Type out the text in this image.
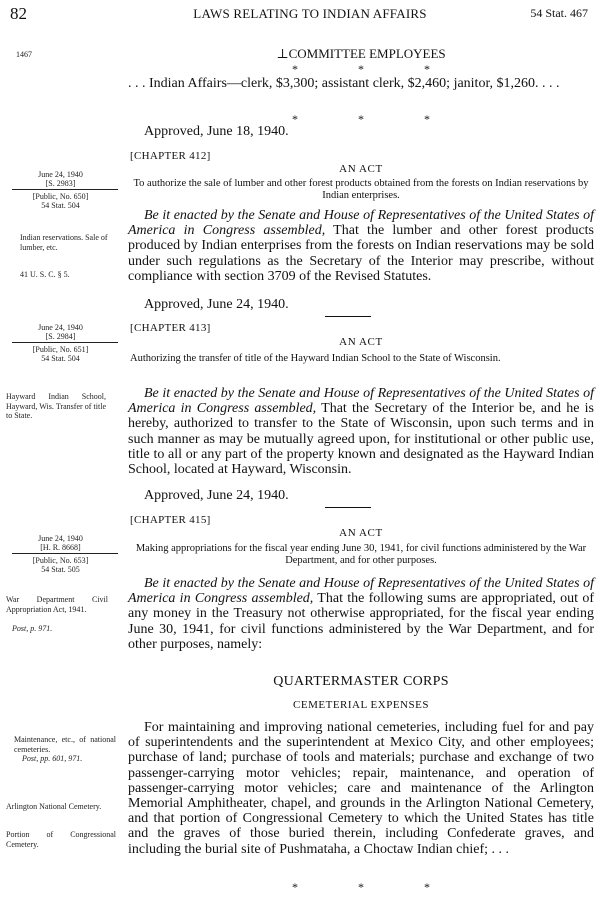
82	LAWS RELATING TO INDIAN AFFAIRS	54 Stat. 467
1467	⊥COMMITTEE EMPLOYEES
*                    *                    *
. . . Indian Affairs—clerk, $3,300; assistant clerk, $2,460; janitor, $1,260. . . .
*                    *                    *
Approved, June 18, 1940.
June 24, 1940
[S. 2983]
[Public, No. 650]
54 Stat. 504
Indian reservations. Sale of lumber, etc.
41 U. S. C. § 5.
[CHAPTER 412]
AN ACT
To authorize the sale of lumber and other forest products obtained from the forests on Indian reservations by Indian enterprises.
Be it enacted by the Senate and House of Representatives of the United States of America in Congress assembled, That the lumber and other forest products produced by Indian enterprises from the forests on Indian reservations may be sold under such regulations as the Secretary of the Interior may prescribe, without compliance with section 3709 of the Revised Statutes.
Approved, June 24, 1940.
June 24, 1940
[S. 2984]
[Public, No. 651]
54 Stat. 504
Hayward Indian School, Hayward, Wis. Transfer of title to State.
[CHAPTER 413]
AN ACT
Authorizing the transfer of title of the Hayward Indian School to the State of Wisconsin.
Be it enacted by the Senate and House of Representatives of the United States of America in Congress assembled, That the Secretary of the Interior be, and he is hereby, authorized to transfer to the State of Wisconsin, upon such terms and in such manner as may be mutually agreed upon, for institutional or other public use, title to all or any part of the property known and designated as the Hayward Indian School, located at Hayward, Wisconsin.
Approved, June 24, 1940.
June 24, 1940
[H. R. 8668]
[Public, No. 653]
54 Stat. 505
War Department Civil Appropriation Act, 1941.
Post, p. 971.
[CHAPTER 415]
AN ACT
Making appropriations for the fiscal year ending June 30, 1941, for civil functions administered by the War Department, and for other purposes.
Be it enacted by the Senate and House of Representatives of the United States of America in Congress assembled, That the following sums are appropriated, out of any money in the Treasury not otherwise appropriated, for the fiscal year ending June 30, 1941, for civil functions administered by the War Department, and for other purposes, namely:
QUARTERMASTER CORPS
CEMETERIAL EXPENSES
Maintenance, etc., of national cemeteries.
Post, pp. 601, 971.
Arlington National Cemetery.
Portion of Congressional Cemetery.
For maintaining and improving national cemeteries, including fuel for and pay of superintendents and the superintendent at Mexico City, and other employees; purchase of land; purchase of tools and materials; purchase and exchange of two passenger-carrying motor vehicles; repair, maintenance, and operation of passenger-carrying motor vehicles; care and maintenance of the Arlington Memorial Amphitheater, chapel, and grounds in the Arlington National Cemetery, and that portion of Congressional Cemetery to which the United States has title and the graves of those buried therein, including Confederate graves, and including the burial site of Pushmataha, a Choctaw Indian chief; . . .
*                    *                    *
